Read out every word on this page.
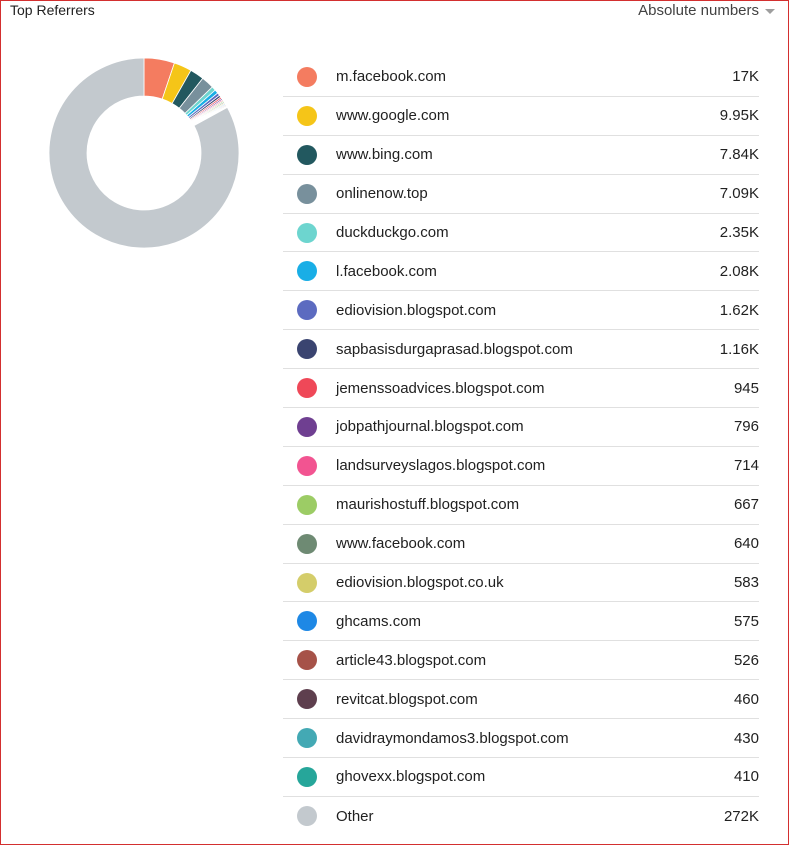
Top Referrers	Absolute numbers
m.facebook.com	17K
www.google.com	9.95K
www.bing.com	7.84K
onlinenow.top	7.09K
duckduckgo.com	2.35K
l.facebook.com	2.08K
ediovision.blogspot.com	1.62K
sapbasisdurgaprasad.blogspot.com	1.16K
jemenssoadvices.blogspot.com	945
jobpathjournal.blogspot.com	796
landsurveyslagos.blogspot.com	714
maurishostuff.blogspot.com	667
www.facebook.com	640
ediovision.blogspot.co.uk	583
ghcams.com	575
article43.blogspot.com	526
revitcat.blogspot.com	460
davidraymondamos3.blogspot.com	430
ghovexx.blogspot.com	410
Other	272K
